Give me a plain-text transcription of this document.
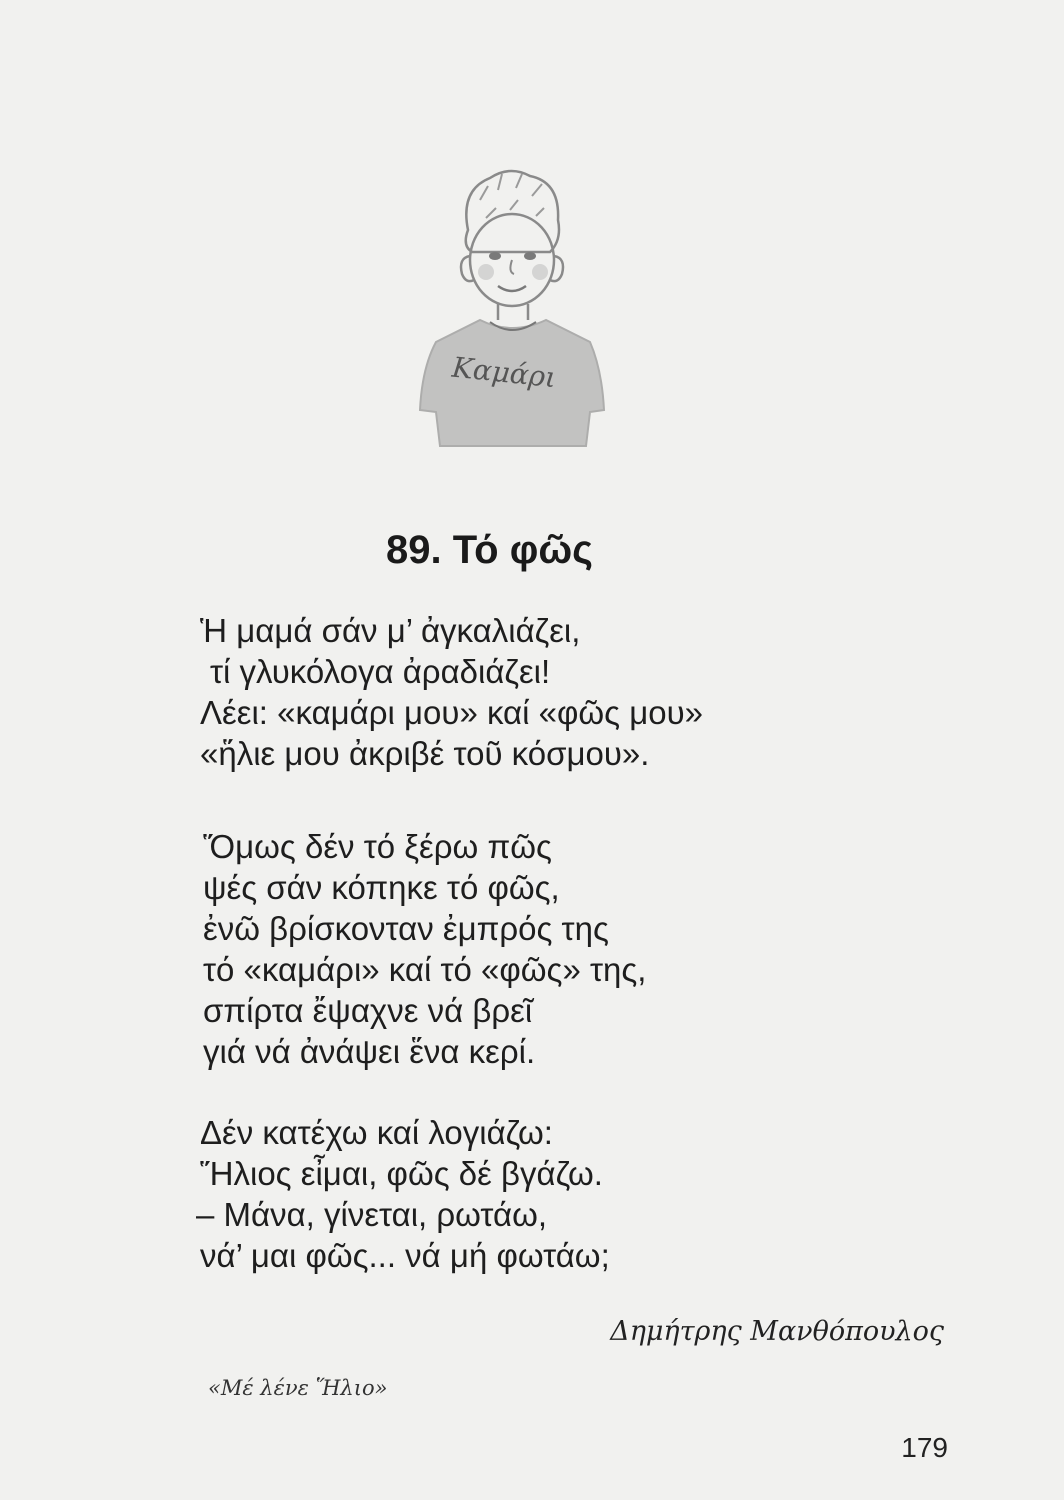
Καμάρι
89. Τό φῶς
Ἡ μαμά σάν μ’ ἀγκαλιάζει,
τί γλυκόλογα ἀραδιάζει!
Λέει: «καμάρι μου» καί «φῶς μου»
«ἥλιε μου ἀκριβέ τοῦ κόσμου».
Ὅμως δέν τό ξέρω πῶς
ψές σάν κόπηκε τό φῶς,
ἐνῶ βρίσκονταν ἐμπρός της
τό «καμάρι» καί τό «φῶς» της,
σπίρτα ἔψαχνε νά βρεῖ
γιά νά ἀνάψει ἕνα κερί.
Δέν κατέχω καί λογιάζω:
Ἥλιος εἶμαι, φῶς δέ βγάζω.
– Μάνα, γίνεται, ρωτάω,
νά’ μαι φῶς... νά μή φωτάω;
Δημήτρης Μανθόπουλος
«Μέ λένε Ἥλιο»
179
